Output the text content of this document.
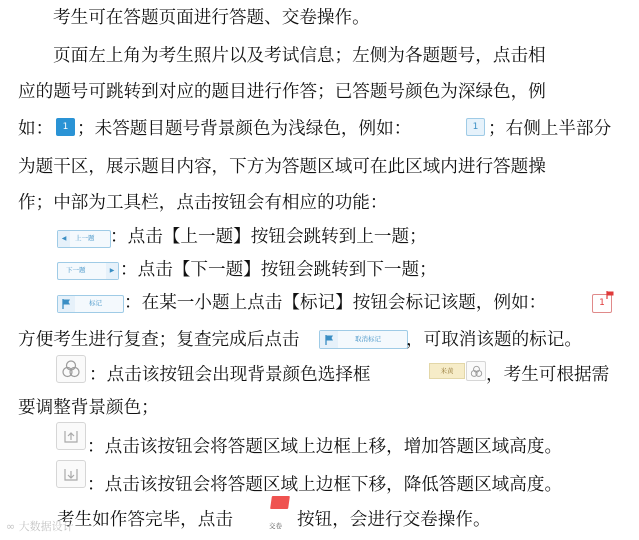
考生可在答题页面进行答题、交卷操作。
页面左上角为考生照片以及考试信息；左侧为各题题号，点击相
应的题号可跳转到对应的题目进行作答；已答题号颜色为深绿色，例
如： 1 ；未答题目题号背景颜色为浅绿色，例如：	1 ；右侧上半部分
为题干区，展示题目内容，下方为答题区域可在此区域内进行答题操
作；中部为工具栏，点击按钮会有相应的功能：
◀ 上一题 ：点击【上一题】按钮会跳转到上一题；
下一题	▶ ：点击【下一题】按钮会跳转到下一题；
标记 ：在某一小题上点击【标记】按钮会标记该题，例如：	1
方便考生进行复查；复查完成后点击	取消标记 ，可取消该题的标记。
：点击该按钮会出现背景颜色选择框	米黄 ，考生可根据需
要调整背景颜色；
：点击该按钮会将答题区域上边框上移，增加答题区域高度。
：点击该按钮会将答题区域上边框下移，降低答题区域高度。
考生如作答完毕，点击	交卷 按钮，会进行交卷操作。
∞ 大数据设计
